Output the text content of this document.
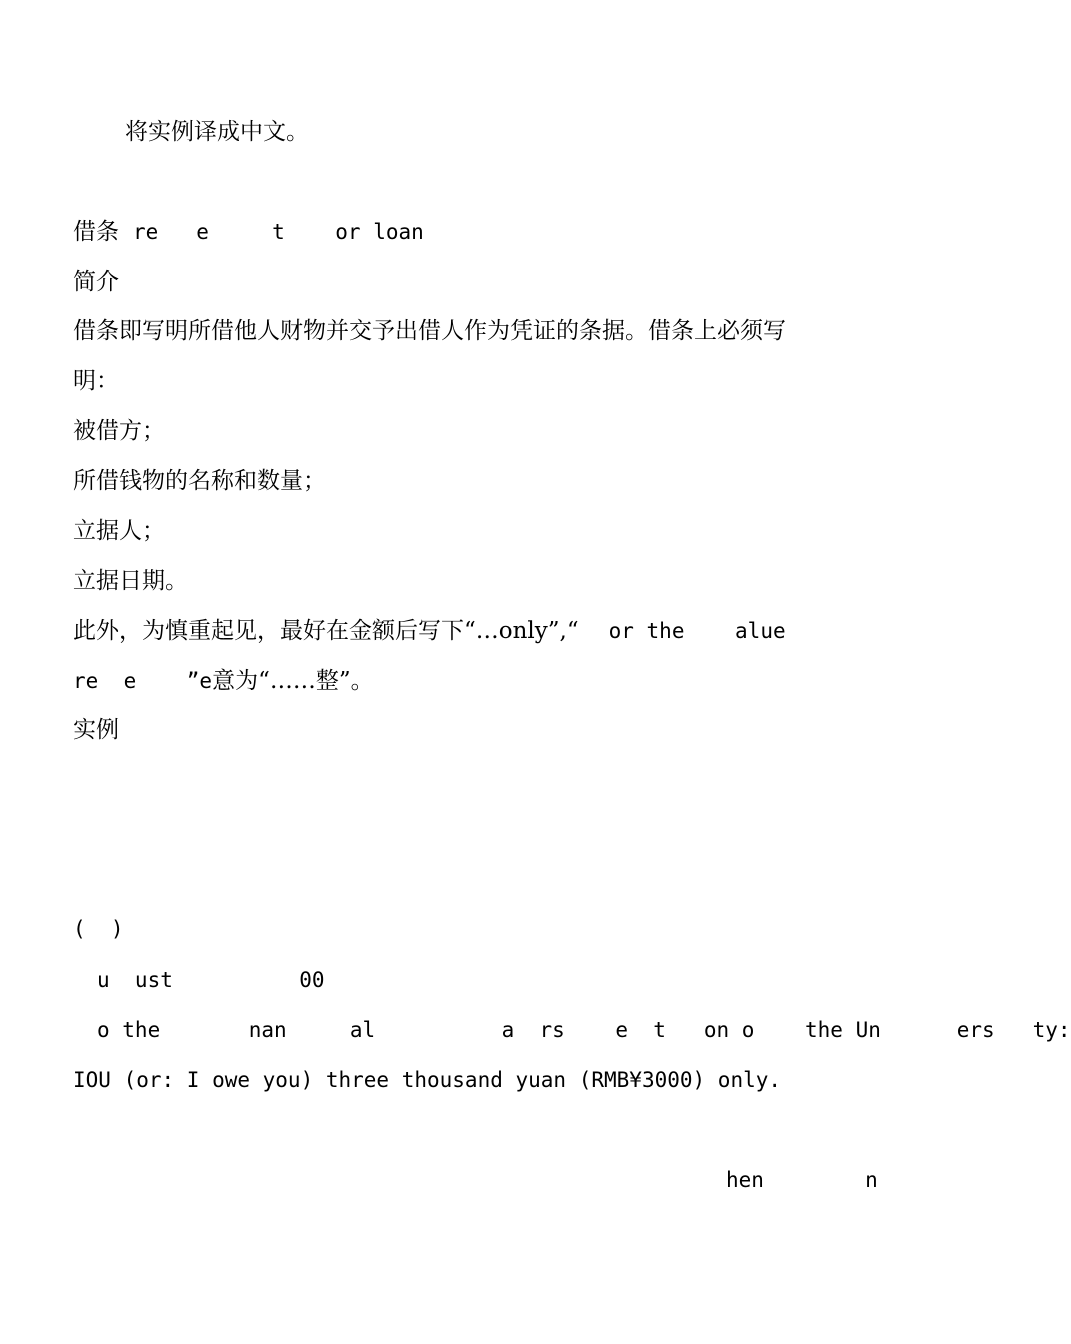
将实例译成中文。

借条 re   e     t    or loan

简介

借条即写明所借他人财物并交予出借人作为凭证的条据。借条上必须写

明：

被借方；

所借钱物的名称和数量；

立据人；

立据日期。

此外，为慎重起见，最好在金额后写下“…only”,“ or the    alue

re  e    ”e意为“……整”。

实例

(  )

u  ust          00

o the       nan     al          a  rs    e  t   on o    the Un      ers   ty:

IOU (or: I owe you) three thousand yuan (RMB¥3000) only.

hen        n
